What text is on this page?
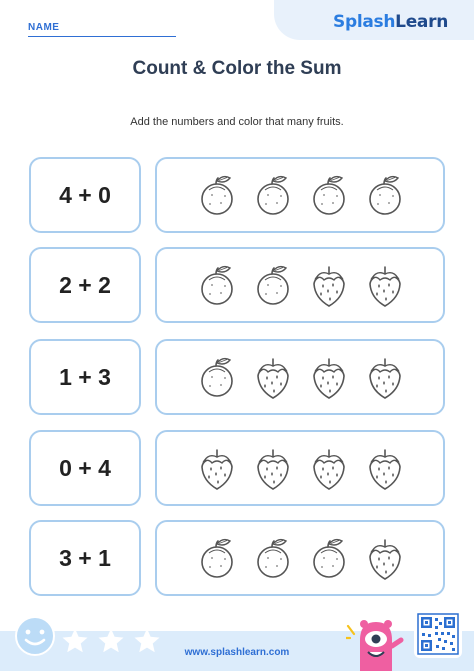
SplashLearn
NAME
Count & Color the Sum
Add the numbers and color that many fruits.
4 + 0
2 + 2
1 + 3
0 + 4
3 + 1
www.splashlearn.com
